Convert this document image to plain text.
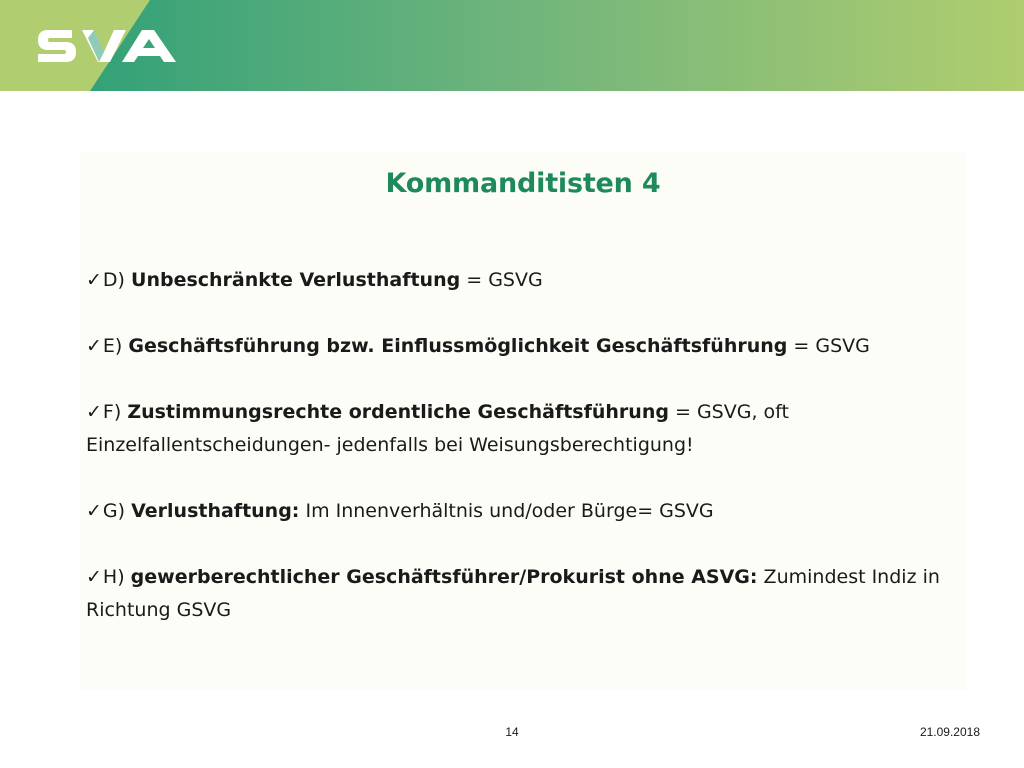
Kommanditisten 4
✓D) Unbeschränkte Verlusthaftung = GSVG
✓E) Geschäftsführung bzw. Einflussmöglichkeit Geschäftsführung = GSVG
✓F) Zustimmungsrechte ordentliche Geschäftsführung = GSVG, oft Einzelfallentscheidungen- jedenfalls bei Weisungsberechtigung!
✓G) Verlusthaftung: Im Innenverhältnis und/oder Bürge= GSVG
✓H) gewerberechtlicher Geschäftsführer/Prokurist ohne ASVG: Zumindest Indiz in Richtung GSVG
14	21.09.2018
